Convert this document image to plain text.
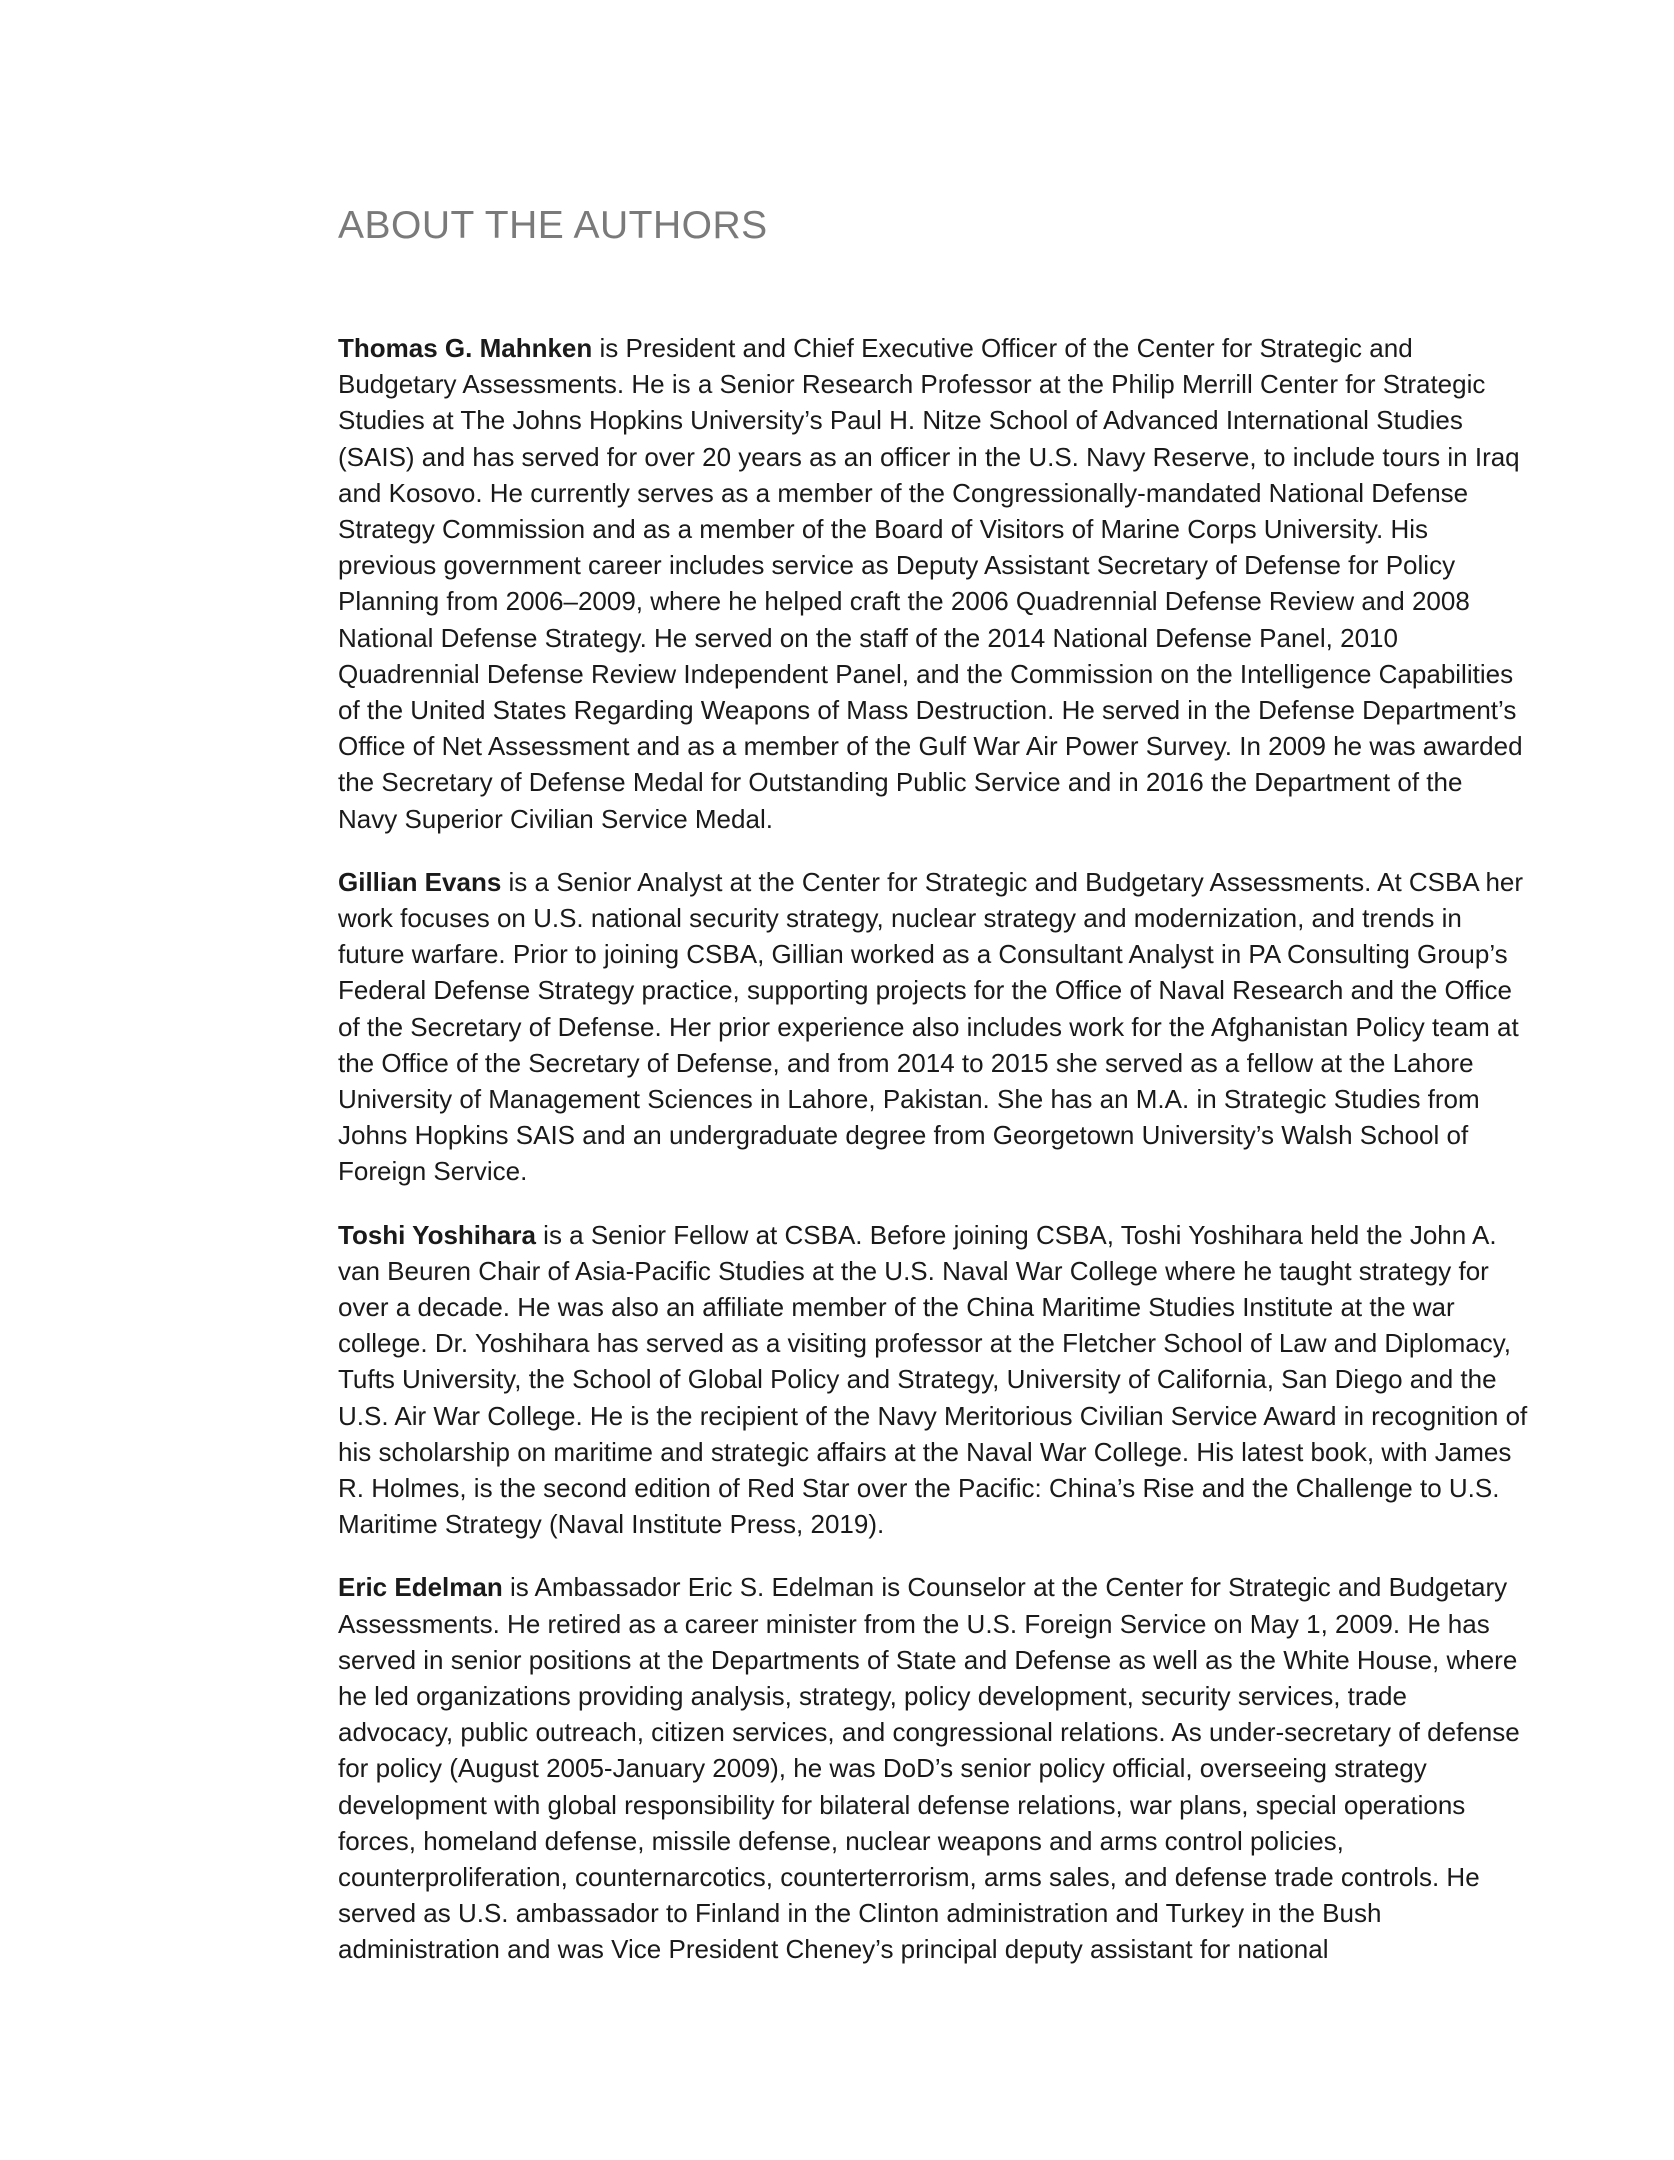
ABOUT THE AUTHORS

Thomas G. Mahnken is President and Chief Executive Officer of the Center for Strategic and Budgetary Assessments. He is a Senior Research Professor at the Philip Merrill Center for Strategic Studies at The Johns Hopkins University’s Paul H. Nitze School of Advanced International Studies (SAIS) and has served for over 20 years as an officer in the U.S. Navy Reserve, to include tours in Iraq and Kosovo. He currently serves as a member of the Congressionally-mandated National Defense Strategy Commission and as a member of the Board of Visitors of Marine Corps University. His previous government career includes service as Deputy Assistant Secretary of Defense for Policy Planning from 2006–2009, where he helped craft the 2006 Quadrennial Defense Review and 2008 National Defense Strategy. He served on the staff of the 2014 National Defense Panel, 2010 Quadrennial Defense Review Independent Panel, and the Commission on the Intelligence Capabilities of the United States Regarding Weapons of Mass Destruction. He served in the Defense Department’s Office of Net Assessment and as a member of the Gulf War Air Power Survey. In 2009 he was awarded the Secretary of Defense Medal for Outstanding Public Service and in 2016 the Department of the Navy Superior Civilian Service Medal.

Gillian Evans is a Senior Analyst at the Center for Strategic and Budgetary Assessments. At CSBA her work focuses on U.S. national security strategy, nuclear strategy and modernization, and trends in future warfare. Prior to joining CSBA, Gillian worked as a Consultant Analyst in PA Consulting Group’s Federal Defense Strategy practice, supporting projects for the Office of Naval Research and the Office of the Secretary of Defense. Her prior experience also includes work for the Afghanistan Policy team at the Office of the Secretary of Defense, and from 2014 to 2015 she served as a fellow at the Lahore University of Management Sciences in Lahore, Pakistan. She has an M.A. in Strategic Studies from Johns Hopkins SAIS and an undergraduate degree from Georgetown University’s Walsh School of Foreign Service.

Toshi Yoshihara is a Senior Fellow at CSBA. Before joining CSBA, Toshi Yoshihara held the John A. van Beuren Chair of Asia-Pacific Studies at the U.S. Naval War College where he taught strategy for over a decade. He was also an affiliate member of the China Maritime Studies Institute at the war college. Dr. Yoshihara has served as a visiting professor at the Fletcher School of Law and Diplomacy, Tufts University, the School of Global Policy and Strategy, University of California, San Diego and the U.S. Air War College. He is the recipient of the Navy Meritorious Civilian Service Award in recognition of his scholarship on maritime and strategic affairs at the Naval War College. His latest book, with James R. Holmes, is the second edition of Red Star over the Pacific: China’s Rise and the Challenge to U.S. Maritime Strategy (Naval Institute Press, 2019).

Eric Edelman is Ambassador Eric S. Edelman is Counselor at the Center for Strategic and Budgetary Assessments. He retired as a career minister from the U.S. Foreign Service on May 1, 2009. He has served in senior positions at the Departments of State and Defense as well as the White House, where he led organizations providing analysis, strategy, policy development, security services, trade advocacy, public outreach, citizen services, and congressional relations. As under-secretary of defense for policy (August 2005-January 2009), he was DoD’s senior policy official, overseeing strategy development with global responsibility for bilateral defense relations, war plans, special operations forces, homeland defense, missile defense, nuclear weapons and arms control policies, counterproliferation, counternarcotics, counterterrorism, arms sales, and defense trade controls. He served as U.S. ambassador to Finland in the Clinton administration and Turkey in the Bush administration and was Vice President Cheney’s principal deputy assistant for national
